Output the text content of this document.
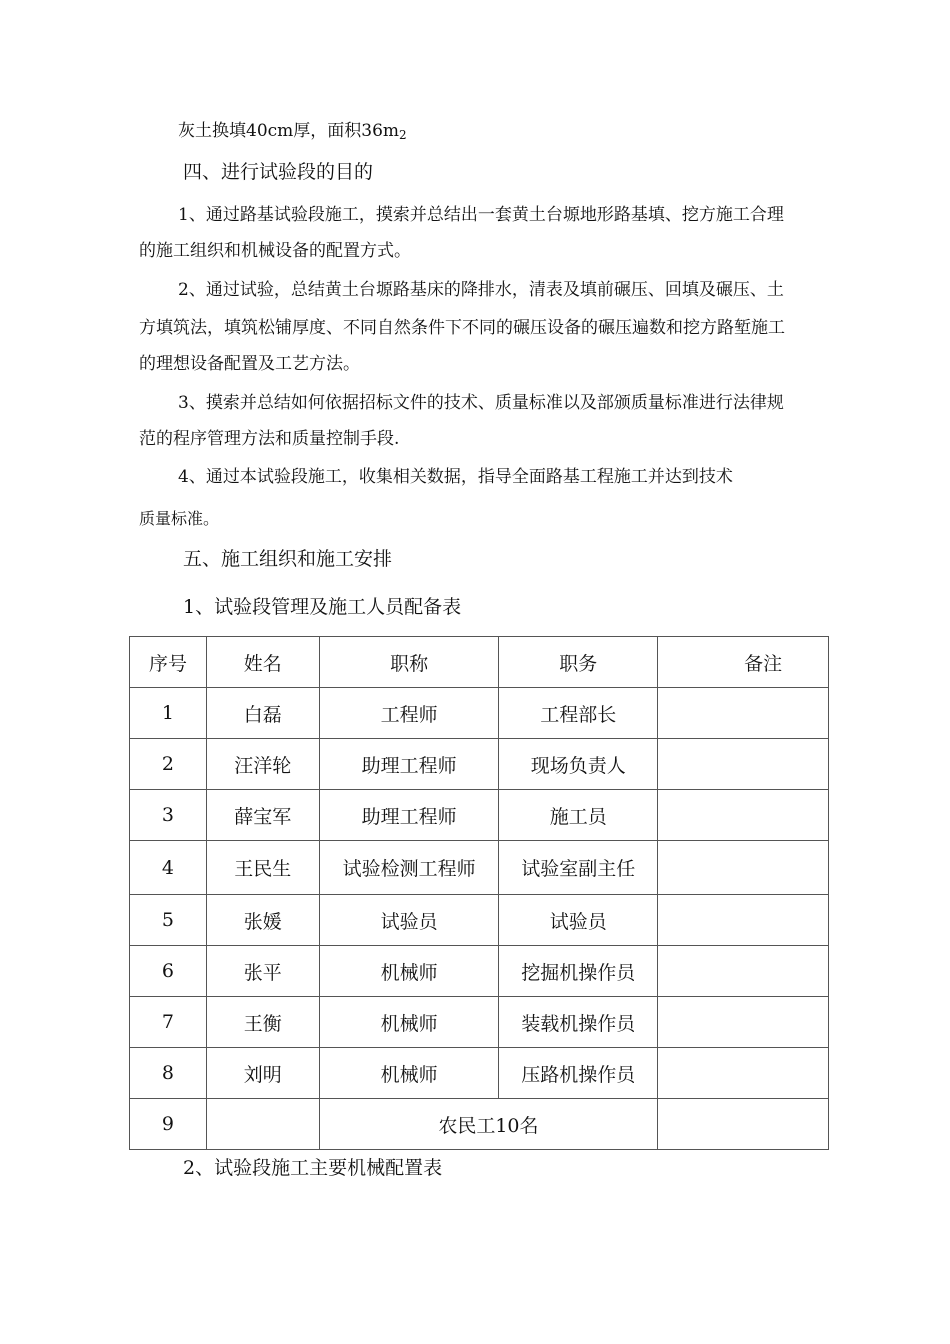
灰土换填40cm厚，面积36m2
四、进行试验段的目的
1、通过路基试验段施工，摸索并总结出一套黄土台塬地形路基填、挖方施工合理
的施工组织和机械设备的配置方式。
2、通过试验，总结黄土台塬路基床的降排水，清表及填前碾压、回填及碾压、土
方填筑法，填筑松铺厚度、不同自然条件下不同的碾压设备的碾压遍数和挖方路堑施工
的理想设备配置及工艺方法。
3、摸索并总结如何依据招标文件的技术、质量标准以及部颁质量标准进行法律规
范的程序管理方法和质量控制手段.
4、通过本试验段施工，收集相关数据，指导全面路基工程施工并达到技术
质量标准。
五、施工组织和施工安排
1、试验段管理及施工人员配备表
序号	姓名	职称	职务	备注
1	白磊	工程师	工程部长	
2	汪洋轮	助理工程师	现场负责人	
3	薛宝军	助理工程师	施工员	
4	王民生	试验检测工程师	试验室副主任	
5	张媛	试验员	试验员	
6	张平	机械师	挖掘机操作员	
7	王衡	机械师	装载机操作员	
8	刘明	机械师	压路机操作员	
9		农民工10名		
2、试验段施工主要机械配置表
